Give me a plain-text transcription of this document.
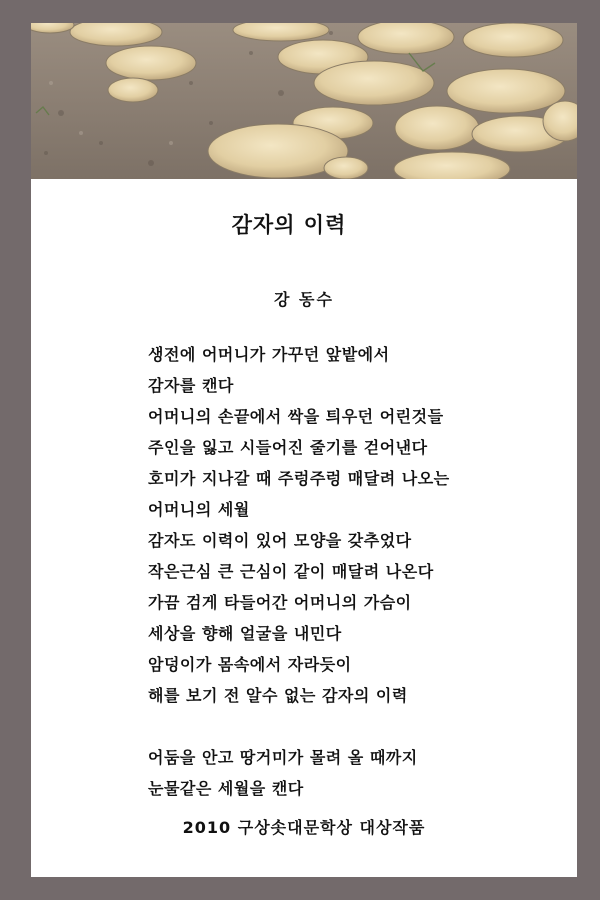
감자의 이력
강 동수
생전에 어머니가 가꾸던 앞밭에서
감자를 캔다
어머니의 손끝에서 싹을 틔우던 어린것들
주인을 잃고 시들어진 줄기를 걷어낸다
호미가 지나갈 때 주렁주렁 매달려 나오는
어머니의 세월
감자도 이력이 있어 모양을 갖추었다
작은근심 큰 근심이 같이 매달려 나온다
가끔 검게 타들어간 어머니의 가슴이
세상을 향해 얼굴을 내민다
암덩이가 몸속에서 자라듯이
해를 보기 전 알수 없는 감자의 이력
어둠을 안고 땅거미가 몰려 올 때까지
눈물같은 세월을 캔다
2010 구상솟대문학상 대상작품
